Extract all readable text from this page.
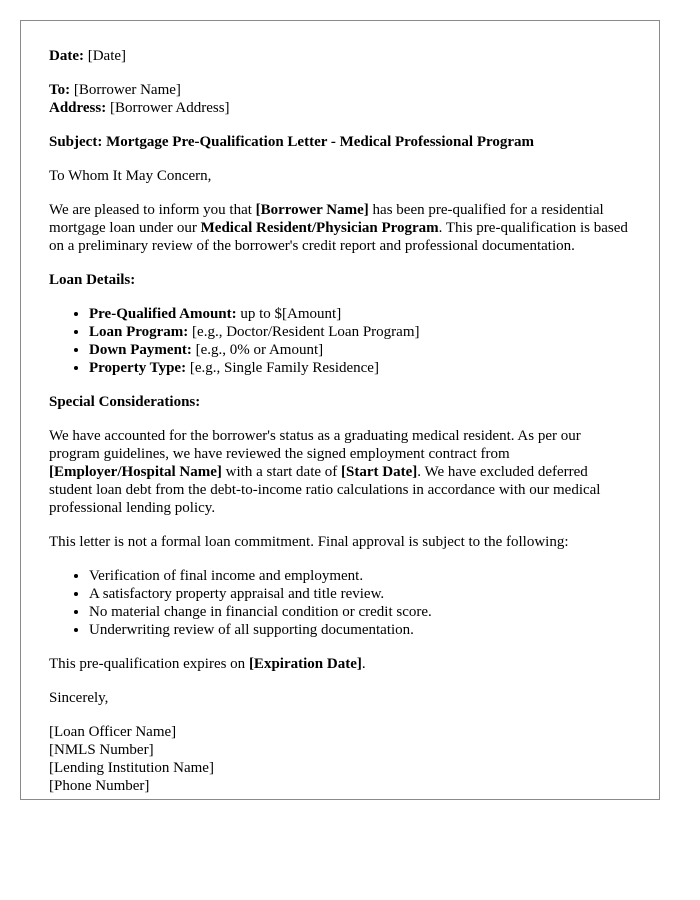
Date: [Date]

To: [Borrower Name]

Address: [Borrower Address]

Subject: Mortgage Pre-Qualification Letter - Medical Professional Program

To Whom It May Concern,

We are pleased to inform you that [Borrower Name] has been pre-qualified for a residential mortgage loan under our Medical Resident/Physician Program. This pre-qualification is based on a preliminary review of the borrower's credit report and professional documentation.

Loan Details:

• Pre-Qualified Amount: up to $[Amount]
• Loan Program: [e.g., Doctor/Resident Loan Program]
• Down Payment: [e.g., 0% or Amount]
• Property Type: [e.g., Single Family Residence]

Special Considerations:

We have accounted for the borrower's status as a graduating medical resident. As per our program guidelines, we have reviewed the signed employment contract from [Employer/Hospital Name] with a start date of [Start Date]. We have excluded deferred student loan debt from the debt-to-income ratio calculations in accordance with our medical professional lending policy.

This letter is not a formal loan commitment. Final approval is subject to the following:

• Verification of final income and employment.
• A satisfactory property appraisal and title review.
• No material change in financial condition or credit score.
• Underwriting review of all supporting documentation.

This pre-qualification expires on [Expiration Date].

Sincerely,

[Loan Officer Name]

[NMLS Number]

[Lending Institution Name]

[Phone Number]
